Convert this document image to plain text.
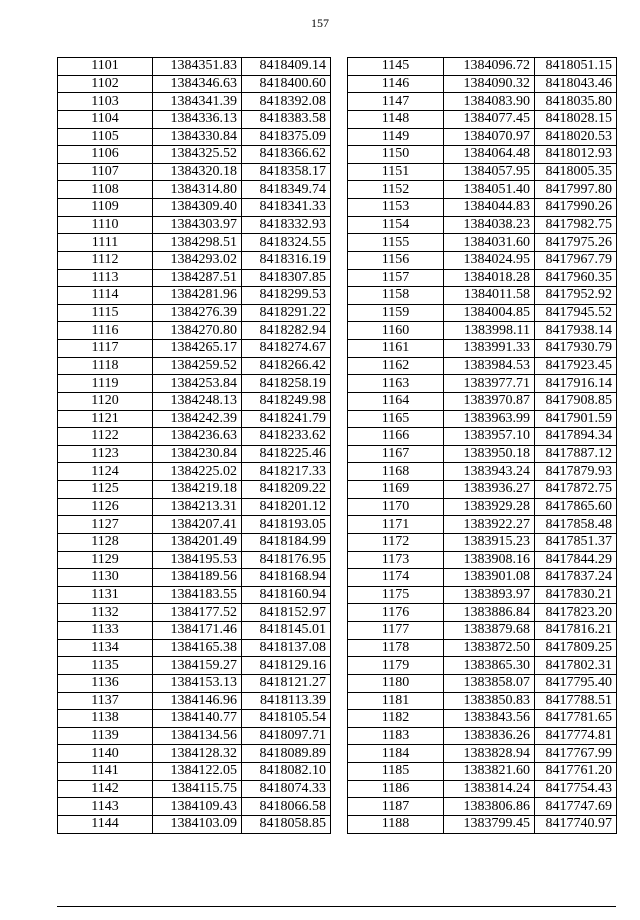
157
1101	1384351.83	8418409.14
1102	1384346.63	8418400.60
1103	1384341.39	8418392.08
1104	1384336.13	8418383.58
1105	1384330.84	8418375.09
1106	1384325.52	8418366.62
1107	1384320.18	8418358.17
1108	1384314.80	8418349.74
1109	1384309.40	8418341.33
1110	1384303.97	8418332.93
1111	1384298.51	8418324.55
1112	1384293.02	8418316.19
1113	1384287.51	8418307.85
1114	1384281.96	8418299.53
1115	1384276.39	8418291.22
1116	1384270.80	8418282.94
1117	1384265.17	8418274.67
1118	1384259.52	8418266.42
1119	1384253.84	8418258.19
1120	1384248.13	8418249.98
1121	1384242.39	8418241.79
1122	1384236.63	8418233.62
1123	1384230.84	8418225.46
1124	1384225.02	8418217.33
1125	1384219.18	8418209.22
1126	1384213.31	8418201.12
1127	1384207.41	8418193.05
1128	1384201.49	8418184.99
1129	1384195.53	8418176.95
1130	1384189.56	8418168.94
1131	1384183.55	8418160.94
1132	1384177.52	8418152.97
1133	1384171.46	8418145.01
1134	1384165.38	8418137.08
1135	1384159.27	8418129.16
1136	1384153.13	8418121.27
1137	1384146.96	8418113.39
1138	1384140.77	8418105.54
1139	1384134.56	8418097.71
1140	1384128.32	8418089.89
1141	1384122.05	8418082.10
1142	1384115.75	8418074.33
1143	1384109.43	8418066.58
1144	1384103.09	8418058.85
1145	1384096.72	8418051.15
1146	1384090.32	8418043.46
1147	1384083.90	8418035.80
1148	1384077.45	8418028.15
1149	1384070.97	8418020.53
1150	1384064.48	8418012.93
1151	1384057.95	8418005.35
1152	1384051.40	8417997.80
1153	1384044.83	8417990.26
1154	1384038.23	8417982.75
1155	1384031.60	8417975.26
1156	1384024.95	8417967.79
1157	1384018.28	8417960.35
1158	1384011.58	8417952.92
1159	1384004.85	8417945.52
1160	1383998.11	8417938.14
1161	1383991.33	8417930.79
1162	1383984.53	8417923.45
1163	1383977.71	8417916.14
1164	1383970.87	8417908.85
1165	1383963.99	8417901.59
1166	1383957.10	8417894.34
1167	1383950.18	8417887.12
1168	1383943.24	8417879.93
1169	1383936.27	8417872.75
1170	1383929.28	8417865.60
1171	1383922.27	8417858.48
1172	1383915.23	8417851.37
1173	1383908.16	8417844.29
1174	1383901.08	8417837.24
1175	1383893.97	8417830.21
1176	1383886.84	8417823.20
1177	1383879.68	8417816.21
1178	1383872.50	8417809.25
1179	1383865.30	8417802.31
1180	1383858.07	8417795.40
1181	1383850.83	8417788.51
1182	1383843.56	8417781.65
1183	1383836.26	8417774.81
1184	1383828.94	8417767.99
1185	1383821.60	8417761.20
1186	1383814.24	8417754.43
1187	1383806.86	8417747.69
1188	1383799.45	8417740.97
